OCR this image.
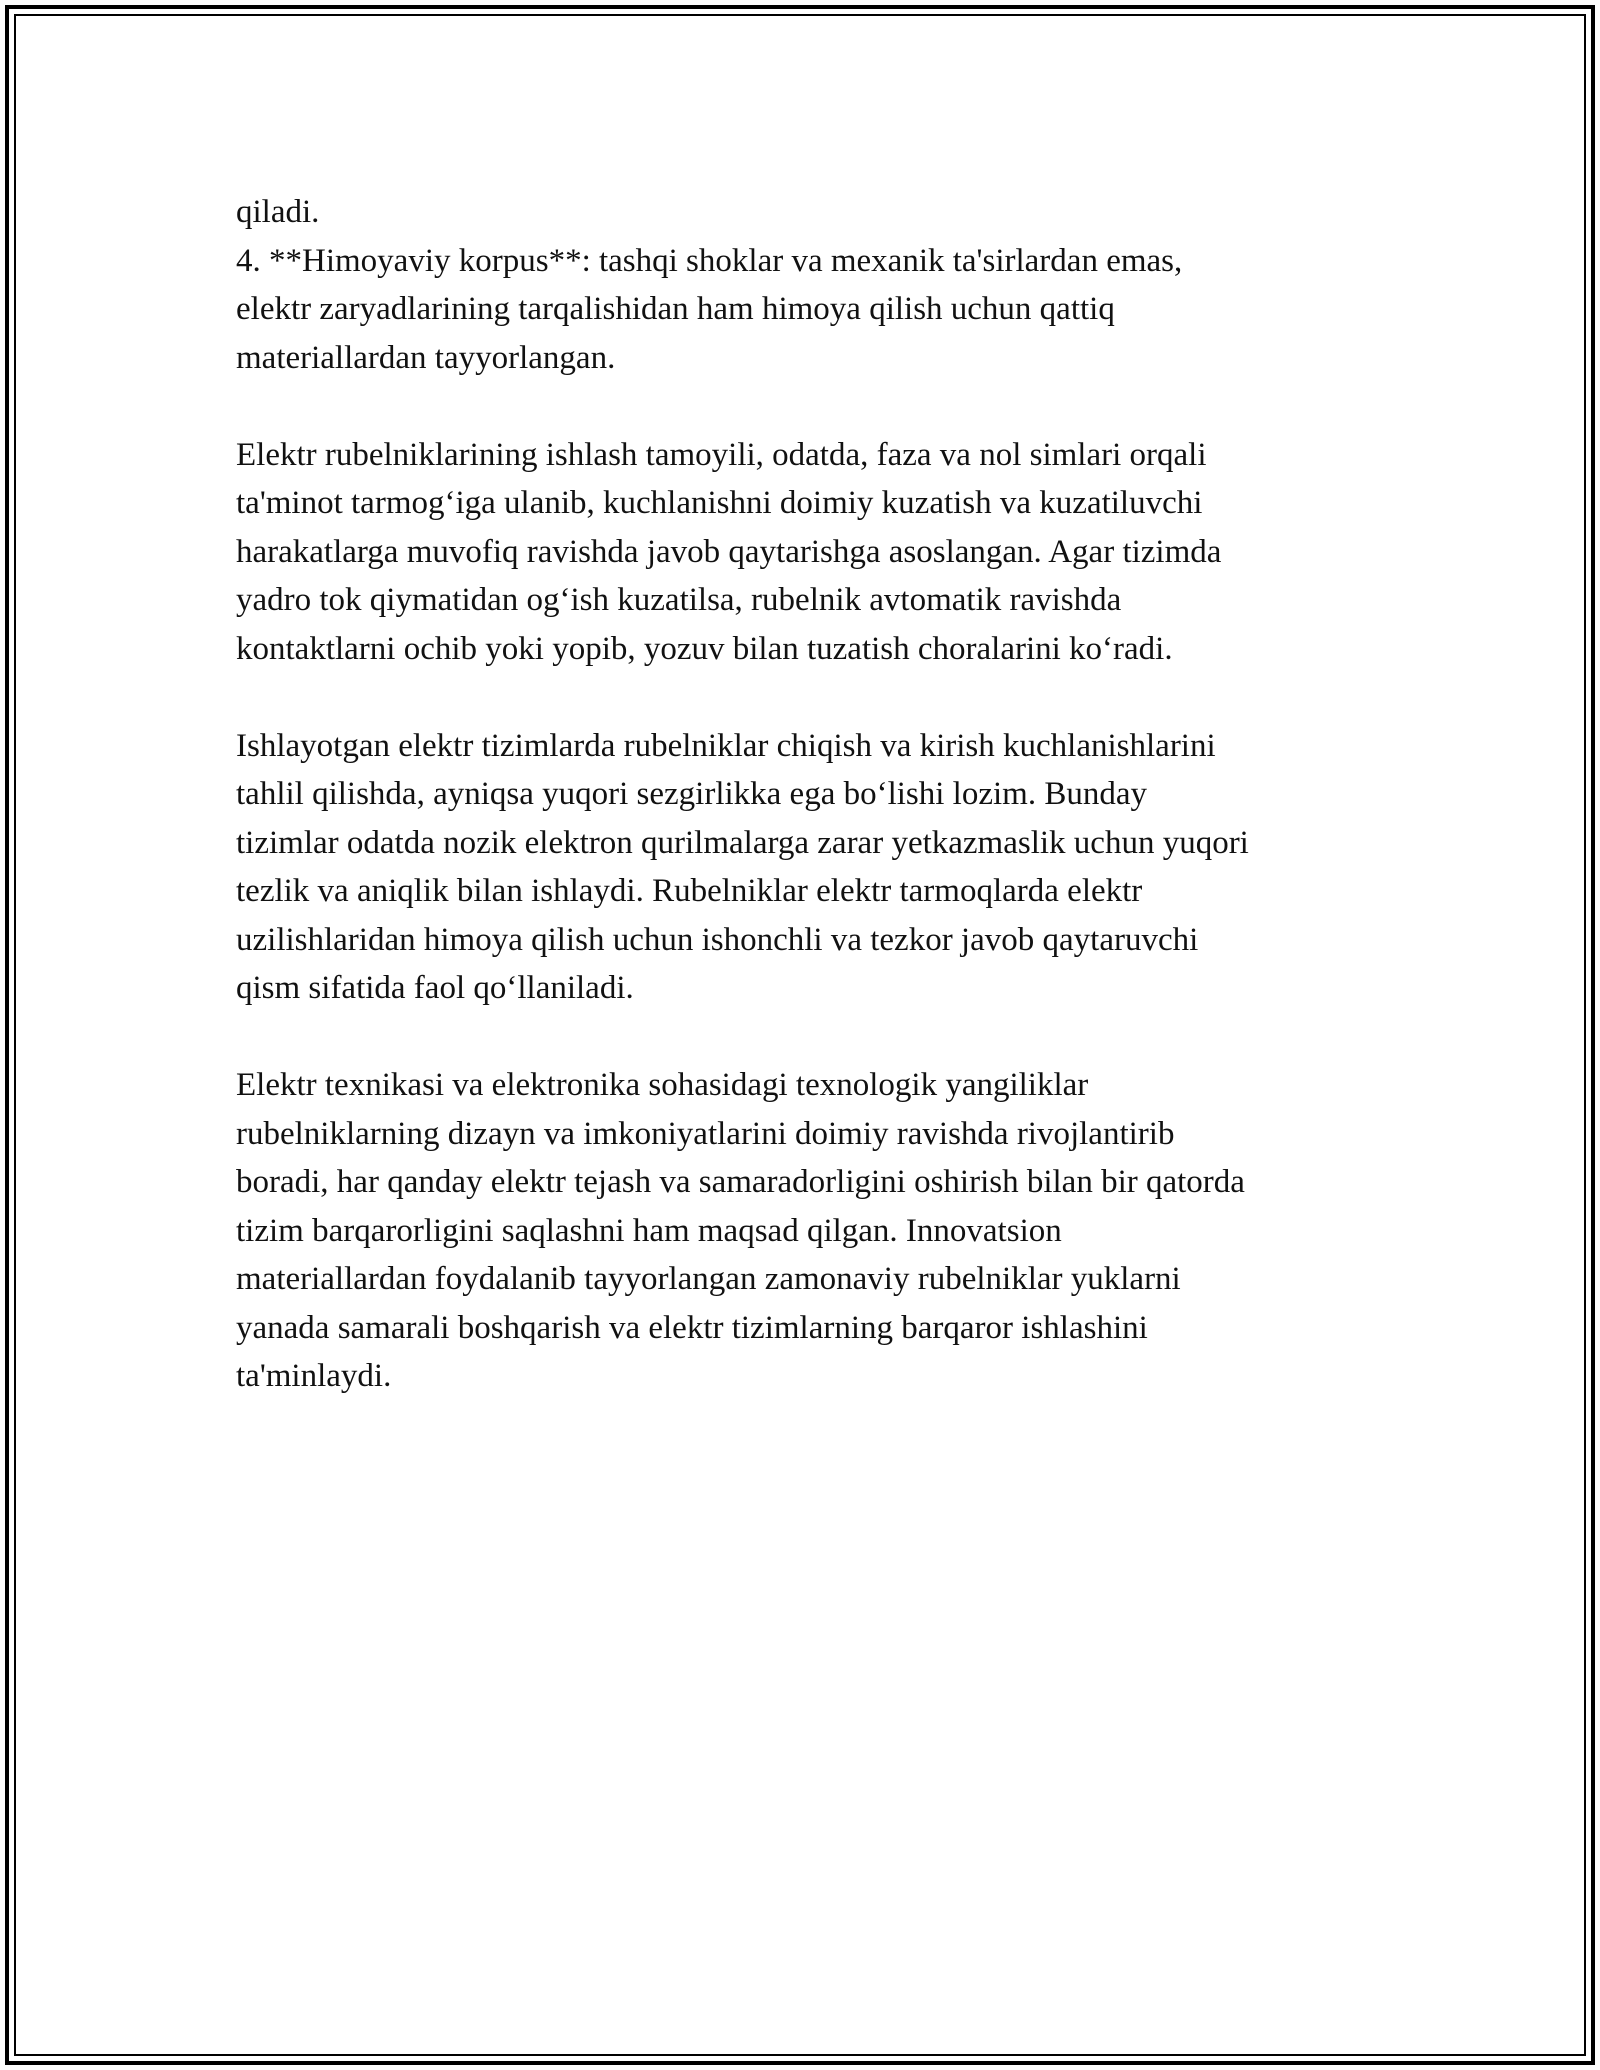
qiladi.
4. **Himoyaviy korpus**: tashqi shoklar va mexanik ta'sirlardan emas,
elektr zaryadlarining tarqalishidan ham himoya qilish uchun qattiq
materiallardan tayyorlangan.

Elektr rubelniklarining ishlash tamoyili, odatda, faza va nol simlari orqali
ta'minot tarmog‘iga ulanib, kuchlanishni doimiy kuzatish va kuzatiluvchi
harakatlarga muvofiq ravishda javob qaytarishga asoslangan. Agar tizimda
yadro tok qiymatidan og‘ish kuzatilsa, rubelnik avtomatik ravishda
kontaktlarni ochib yoki yopib, yozuv bilan tuzatish choralarini ko‘radi.

Ishlayotgan elektr tizimlarda rubelniklar chiqish va kirish kuchlanishlarini
tahlil qilishda, ayniqsa yuqori sezgirlikka ega bo‘lishi lozim. Bunday
tizimlar odatda nozik elektron qurilmalarga zarar yetkazmaslik uchun yuqori
tezlik va aniqlik bilan ishlaydi. Rubelniklar elektr tarmoqlarda elektr
uzilishlaridan himoya qilish uchun ishonchli va tezkor javob qaytaruvchi
qism sifatida faol qo‘llaniladi.

Elektr texnikasi va elektronika sohasidagi texnologik yangiliklar
rubelniklarning dizayn va imkoniyatlarini doimiy ravishda rivojlantirib
boradi, har qanday elektr tejash va samaradorligini oshirish bilan bir qatorda
tizim barqarorligini saqlashni ham maqsad qilgan. Innovatsion
materiallardan foydalanib tayyorlangan zamonaviy rubelniklar yuklarni
yanada samarali boshqarish va elektr tizimlarning barqaror ishlashini
ta'minlaydi.
